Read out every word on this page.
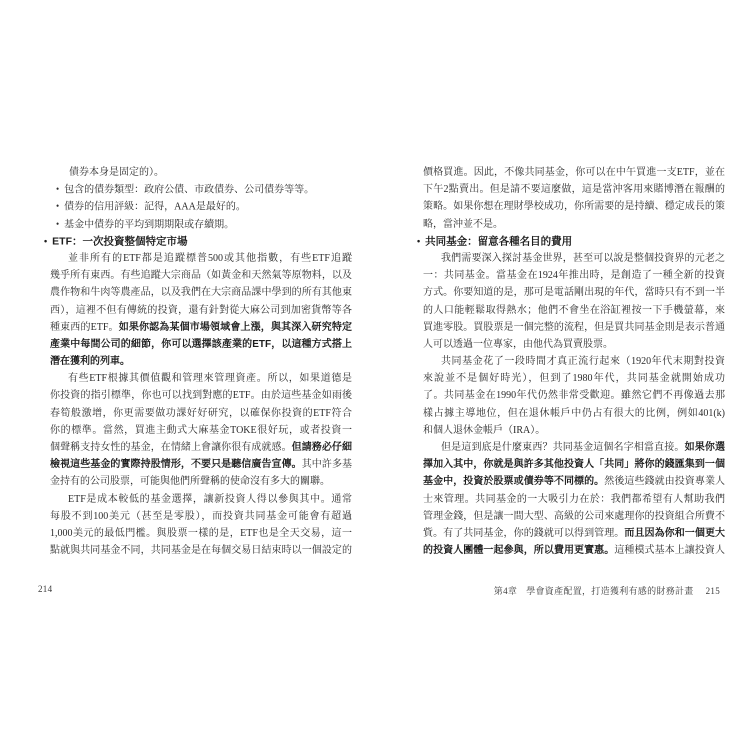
債券本身是固定的）。
• 包含的債券類型：政府公債、市政債券、公司債券等等。
• 債券的信用評級：記得，AAA是最好的。
• 基金中債券的平均到期期限或存續期。
• ETF：一次投資整個特定市場
並非所有的ETF都是追蹤標普500或其他指數，有些ETF追蹤
幾乎所有東西。有些追蹤大宗商品（如黃金和天然氣等原物料，以及
農作物和牛肉等農產品，以及我們在大宗商品課中學到的所有其他東
西），這裡不但有傳統的投資，還有針對從大麻公司到加密貨幣等各
種東西的ETF。如果你認為某個市場領域會上漲，與其深入研究特定
產業中每間公司的細節，你可以選擇該產業的ETF，以這種方式搭上
潛在獲利的列車。
有些ETF根據其價值觀和管理來管理資產。所以，如果道德是
你投資的指引標準，你也可以找到對應的ETF。由於這些基金如雨後
春筍般激增，你更需要做功課好好研究，以確保你投資的ETF符合
你的標準。當然，買進主動式大麻基金TOKE很好玩，或者投資一
個聲稱支持女性的基金，在情緒上會讓你很有成就感。但請務必仔細
檢視這些基金的實際持股情形，不要只是聽信廣告宣傳。其中許多基
金持有的公司股票，可能與他們所聲稱的使命沒有多大的關聯。
ETF是成本較低的基金選擇，讓新投資人得以參與其中。通常
每股不到100美元（甚至是零股），而投資共同基金可能會有超過
1,000美元的最低門檻。與股票一樣的是，ETF也是全天交易，這一
點就與共同基金不同，共同基金是在每個交易日結束時以一個設定的
價格買進。因此，不像共同基金，你可以在中午買進一支ETF，並在
下午2點賣出。但是請不要這麼做，這是當沖客用來賭博潛在報酬的
策略。如果你想在理財學校成功，你所需要的是持續、穩定成長的策
略，當沖並不是。
• 共同基金：留意各種名目的費用
我們需要深入探討基金世界，甚至可以說是整個投資界的元老之
一：共同基金。當基金在1924年推出時，是創造了一種全新的投資
方式。你要知道的是，那可是電話剛出現的年代，當時只有不到一半
的人口能輕鬆取得熱水；他們不會坐在浴缸裡按一下手機螢幕，來
買進零股。買股票是一個完整的流程，但是買共同基金則是表示普通
人可以透過一位專家，由他代為買賣股票。
共同基金花了一段時間才真正流行起來（1920年代末期對投資
來說並不是個好時光），但到了1980年代，共同基金就開始成功
了。共同基金在1990年代仍然非常受歡迎。雖然它們不再像過去那
樣占據主導地位，但在退休帳戶中仍占有很大的比例，例如401(k)
和個人退休金帳戶（IRA）。
但是這到底是什麼東西？共同基金這個名字相當直接。如果你選
擇加入其中，你就是與許多其他投資人「共同」將你的錢匯集到一個
基金中，投資於股票或債券等不同標的。然後這些錢就由投資專業人
士來管理。共同基金的一大吸引力在於：我們都希望有人幫助我們
管理金錢，但是讓一間大型、高級的公司來處理你的投資組合所費不
貲。有了共同基金，你的錢就可以得到管理。而且因為你和一個更大
的投資人團體一起參與，所以費用更實惠。這種模式基本上讓投資人
214	第4章 學會資產配置，打造獲利有感的財務計畫 215
